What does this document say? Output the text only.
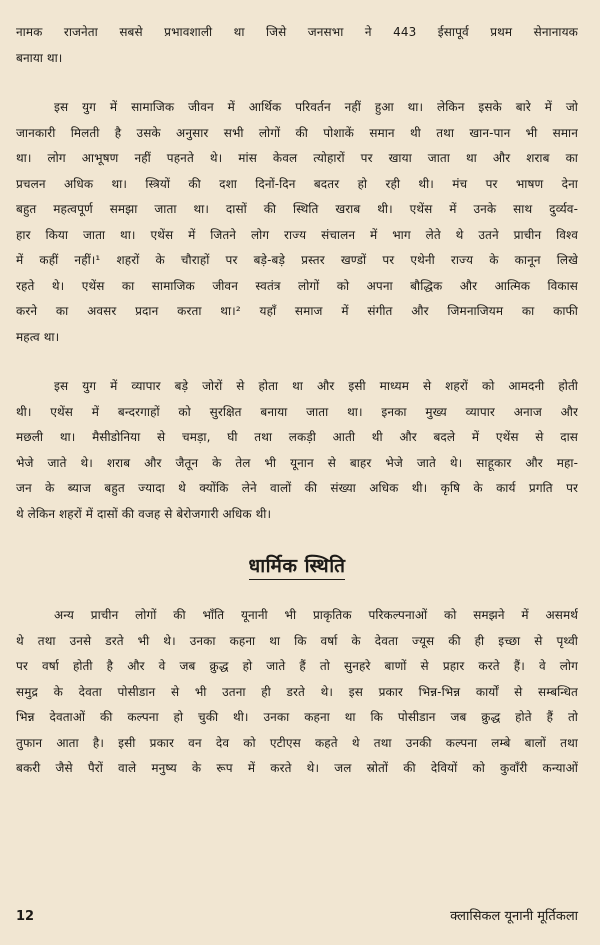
नामक राजनेता सबसे प्रभावशाली था जिसे जनसभा ने 443 ईसापूर्व प्रथम सेनानायक
बनाया था।
इस युग में सामाजिक जीवन में आर्थिक परिवर्तन नहीं हुआ था। लेकिन इसके बारे में जो
जानकारी मिलती है उसके अनुसार सभी लोगों की पोशाकें समान थी तथा खान-पान भी समान
था। लोग आभूषण नहीं पहनते थे। मांस केवल त्योहारों पर खाया जाता था और शराब का
प्रचलन अधिक था। स्त्रियों की दशा दिनों-दिन बदतर हो रही थी। मंच पर भाषण देना
बहुत महत्वपूर्ण समझा जाता था। दासों की स्थिति खराब थी। एथेंस में उनके साथ दुर्व्यव-
हार किया जाता था। एथेंस में जितने लोग राज्य संचालन में भाग लेते थे उतने प्राचीन विश्व
में कहीं नहीं।¹ शहरों के चौराहों पर बड़े-बड़े प्रस्तर खण्डों पर एथेनी राज्य के कानून लिखे
रहते थे। एथेंस का सामाजिक जीवन स्वतंत्र लोगों को अपना बौद्धिक और आत्मिक विकास
करने का अवसर प्रदान करता था।² यहाँ समाज में संगीत और जिमनाजियम का काफी
महत्व था।
इस युग में व्यापार बड़े जोरों से होता था और इसी माध्यम से शहरों को आमदनी होती
थी। एथेंस में बन्दरगाहों को सुरक्षित बनाया जाता था। इनका मुख्य व्यापार अनाज और
मछली था। मैसीडोनिया से चमड़ा, घी तथा लकड़ी आती थी और बदले में एथेंस से दास
भेजे जाते थे। शराब और जैतून के तेल भी यूनान से बाहर भेजे जाते थे। साहूकार और महा-
जन के ब्याज बहुत ज्यादा थे क्योंकि लेने वालों की संख्या अधिक थी। कृषि के कार्य प्रगति पर
थे लेकिन शहरों में दासों की वजह से बेरोजगारी अधिक थी।
धार्मिक स्थिति
अन्य प्राचीन लोगों की भाँति यूनानी भी प्राकृतिक परिकल्पनाओं को समझने में असमर्थ
थे तथा उनसे डरते भी थे। उनका कहना था कि वर्षा के देवता ज्यूस की ही इच्छा से पृथ्वी
पर वर्षा होती है और वे जब क्रुद्ध हो जाते हैं तो सुनहरे बाणों से प्रहार करते हैं। वे लोग
समुद्र के देवता पोसीडान से भी उतना ही डरते थे। इस प्रकार भिन्न-भिन्न कार्यों से सम्बन्धित
भिन्न देवताओं की कल्पना हो चुकी थी। उनका कहना था कि पोसीडान जब क्रुद्ध होते हैं तो
तुफान आता है। इसी प्रकार वन देव को एटीएस कहते थे तथा उनकी कल्पना लम्बे बालों तथा
बकरी जैसे पैरों वाले मनुष्य के रूप में करते थे। जल स्रोतों की देवियों को कुवाँरी कन्याओं
12	क्लासिकल यूनानी मूर्तिकला
